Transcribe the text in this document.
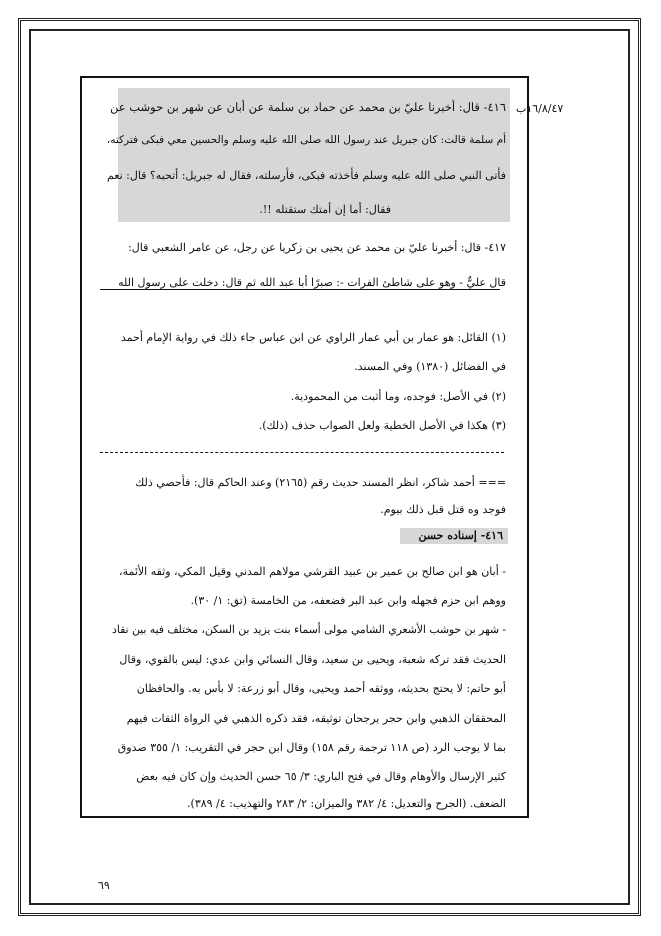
١٦/٨/٤٧ب
٤١٦- قال: أخبرنا عليّ بن محمد عن حماد بن سلمة عن أبان عن شهر بن حوشب عن
أم سلمة قالت: كان جبريل عند رسول الله صلى الله عليه وسلم والحسين معي فبكى فتركته،
فأتى النبي صلى الله عليه وسلم فأخذته فبكى، فأرسلته، فقال له جبريل: أتحبه؟ قال: نعم
فقال: أما إن أمتك ستقتله !!.
٤١٧- قال: أخبرنا عليّ بن محمد عن يحيى بن زكريا عن رجل، عن عامر الشعبي قال:
قال عليٌّ - وهو على شاطئ الفرات -: صبرًا أبا عبد الله ثم قال: دخلت على رسول الله
(١) القائل: هو عمار بن أبي عمار الراوي عن ابن عباس جاء ذلك في رواية الإمام أحمد
في الفضائل (١٣٨٠) وفي المسند.
(٢) في الأصل: فوجده، وما أثبت من المحمودية.
(٣) هكذا في الأصل الخطية ولعل الصواب حذف (ذلك).
=== أحمد شاكر، انظر المسند حديث رقم (٢١٦٥) وعند الحاكم قال: فأحصي ذلك
فوجد وه قتل قبل ذلك بيوم.
٤١٦- إسناده حسن
- أبان هو ابن صالح بن عمير بن عبيد القرشي مولاهم المدني وقيل المكي، وثقه الأئمة،
ووهم ابن حزم فجهله وابن عبد البر فضعفه، من الخامسة (تق: ١/ ٣٠).
- شهر بن حوشب الأشعري الشامي مولى أسماء بنت يزيد بن السكن، مختلف فيه بين نقاد
الحديث فقد تركه شعبة، ويحيى بن سعيد، وقال النسائي وابن عدي: ليس بالقوي، وقال
أبو حاتم: لا يحتج بحديثه، ووثقه أحمد ويحيى، وقال أبو زرعة: لا بأس به. والحافظان
المحققان الذهبي وابن حجر يرجحان توثيقه، فقد ذكره الذهبي في الرواة الثقات فيهم
بما لا يوجب الرد (ص ١١٨ ترجمة رقم ١٥٨) وقال ابن حجر في التقريب: ١/ ٣٥٥ صدوق
كثير الإرسال والأوهام وقال في فتح الباري: ٣/ ٦٥ حسن الحديث وإن كان فيه بعض
الضعف. (الجرح والتعديل: ٤/ ٣٨٢ والميزان: ٢/ ٢٨٣ والتهذيب: ٤/ ٣٨٩).
٦٩
